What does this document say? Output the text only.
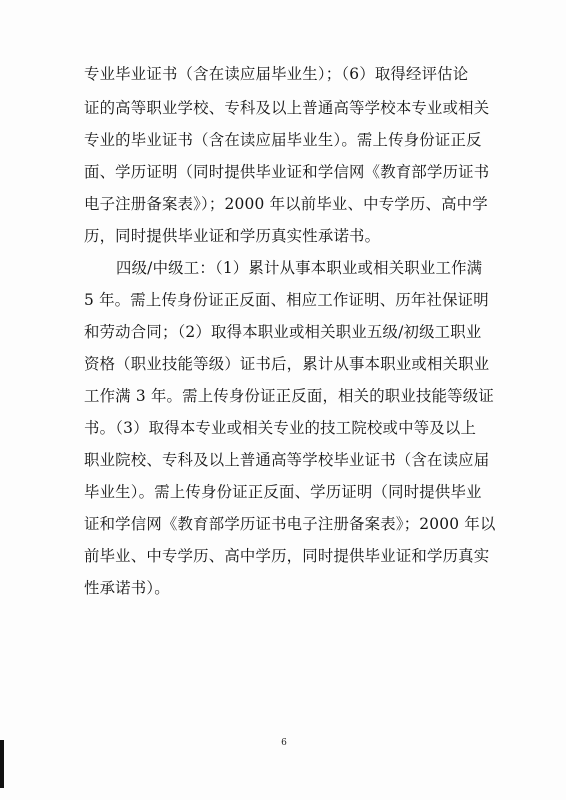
专业毕业证书（含在读应届毕业生）；（6）取得经评估论
证的高等职业学校、专科及以上普通高等学校本专业或相关
专业的毕业证书（含在读应届毕业生）。需上传身份证正反
面、学历证明（同时提供毕业证和学信网《教育部学历证书
电子注册备案表》）；2000 年以前毕业、中专学历、高中学
历，同时提供毕业证和学历真实性承诺书。
四级/中级工：（1）累计从事本职业或相关职业工作满
5 年。需上传身份证正反面、相应工作证明、历年社保证明
和劳动合同；（2）取得本职业或相关职业五级/初级工职业
资格（职业技能等级）证书后，累计从事本职业或相关职业
工作满 3 年。需上传身份证正反面，相关的职业技能等级证
书。（3）取得本专业或相关专业的技工院校或中等及以上
职业院校、专科及以上普通高等学校毕业证书（含在读应届
毕业生）。需上传身份证正反面、学历证明（同时提供毕业
证和学信网《教育部学历证书电子注册备案表》；2000 年以
前毕业、中专学历、高中学历，同时提供毕业证和学历真实
性承诺书）。
6
